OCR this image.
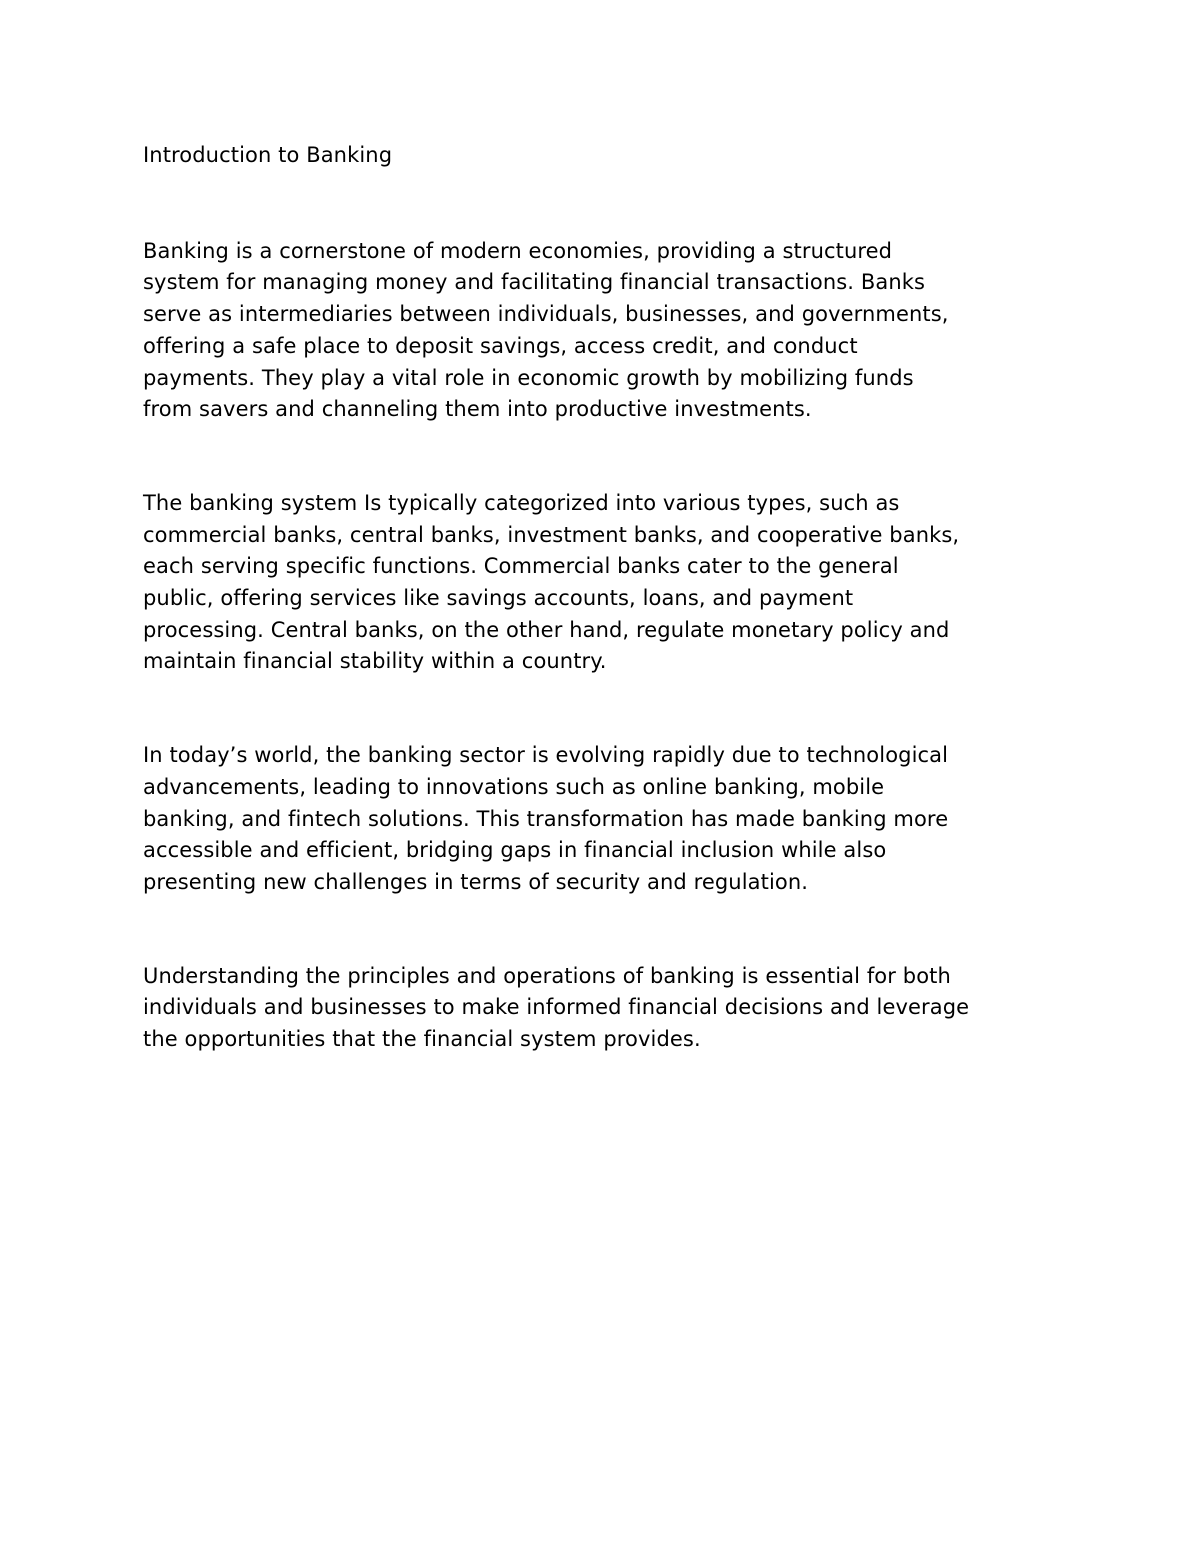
Introduction to Banking

Banking is a cornerstone of modern economies, providing a structured
system for managing money and facilitating financial transactions. Banks
serve as intermediaries between individuals, businesses, and governments,
offering a safe place to deposit savings, access credit, and conduct
payments. They play a vital role in economic growth by mobilizing funds
from savers and channeling them into productive investments.

The banking system Is typically categorized into various types, such as
commercial banks, central banks, investment banks, and cooperative banks,
each serving specific functions. Commercial banks cater to the general
public, offering services like savings accounts, loans, and payment
processing. Central banks, on the other hand, regulate monetary policy and
maintain financial stability within a country.

In today’s world, the banking sector is evolving rapidly due to technological
advancements, leading to innovations such as online banking, mobile
banking, and fintech solutions. This transformation has made banking more
accessible and efficient, bridging gaps in financial inclusion while also
presenting new challenges in terms of security and regulation.

Understanding the principles and operations of banking is essential for both
individuals and businesses to make informed financial decisions and leverage
the opportunities that the financial system provides.
